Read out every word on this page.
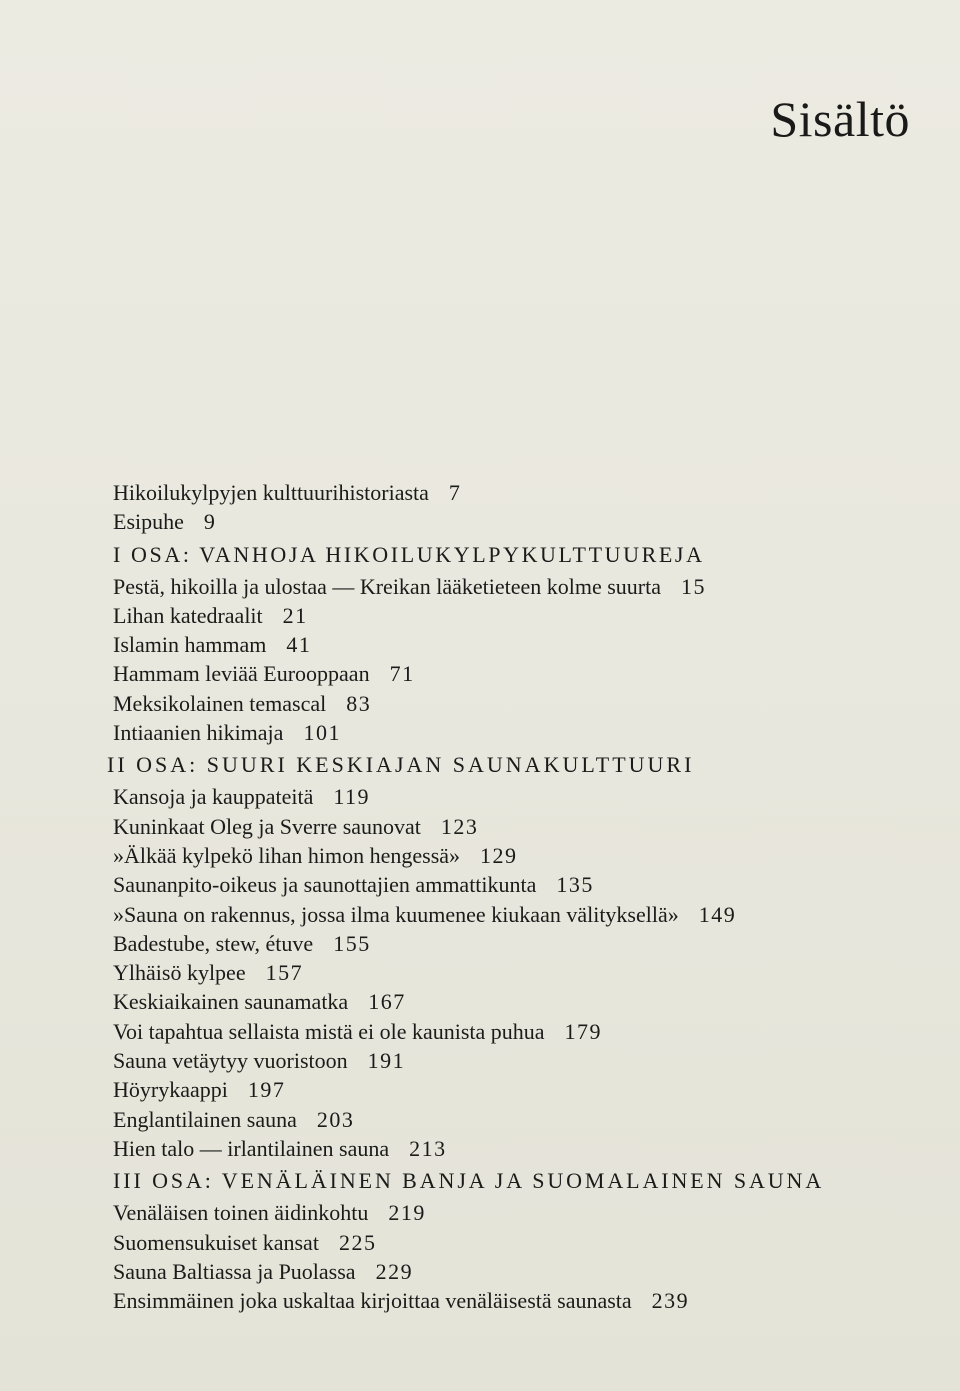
Sisältö
Hikoilukylpyjen kulttuurihistoriasta 7
Esipuhe 9
I OSA: VANHOJA HIKOILUKYLPYKULTTUUREJA
Pestä, hikoilla ja ulostaa — Kreikan lääketieteen kolme suurta 15
Lihan katedraalit 21
Islamin hammam 41
Hammam leviää Eurooppaan 71
Meksikolainen temascal 83
Intiaanien hikimaja 101
II OSA: SUURI KESKIAJAN SAUNAKULTTUURI
Kansoja ja kauppateitä 119
Kuninkaat Oleg ja Sverre saunovat 123
»Älkää kylpekö lihan himon hengessä» 129
Saunanpito-oikeus ja saunottajien ammattikunta 135
»Sauna on rakennus, jossa ilma kuumenee kiukaan välityksellä» 149
Badestube, stew, étuve 155
Ylhäisö kylpee 157
Keskiaikainen saunamatka 167
Voi tapahtua sellaista mistä ei ole kaunista puhua 179
Sauna vetäytyy vuoristoon 191
Höyrykaappi 197
Englantilainen sauna 203
Hien talo — irlantilainen sauna 213
III OSA: VENÄLÄINEN BANJA JA SUOMALAINEN SAUNA
Venäläisen toinen äidinkohtu 219
Suomensukuiset kansat 225
Sauna Baltiassa ja Puolassa 229
Ensimmäinen joka uskaltaa kirjoittaa venäläisestä saunasta 239
